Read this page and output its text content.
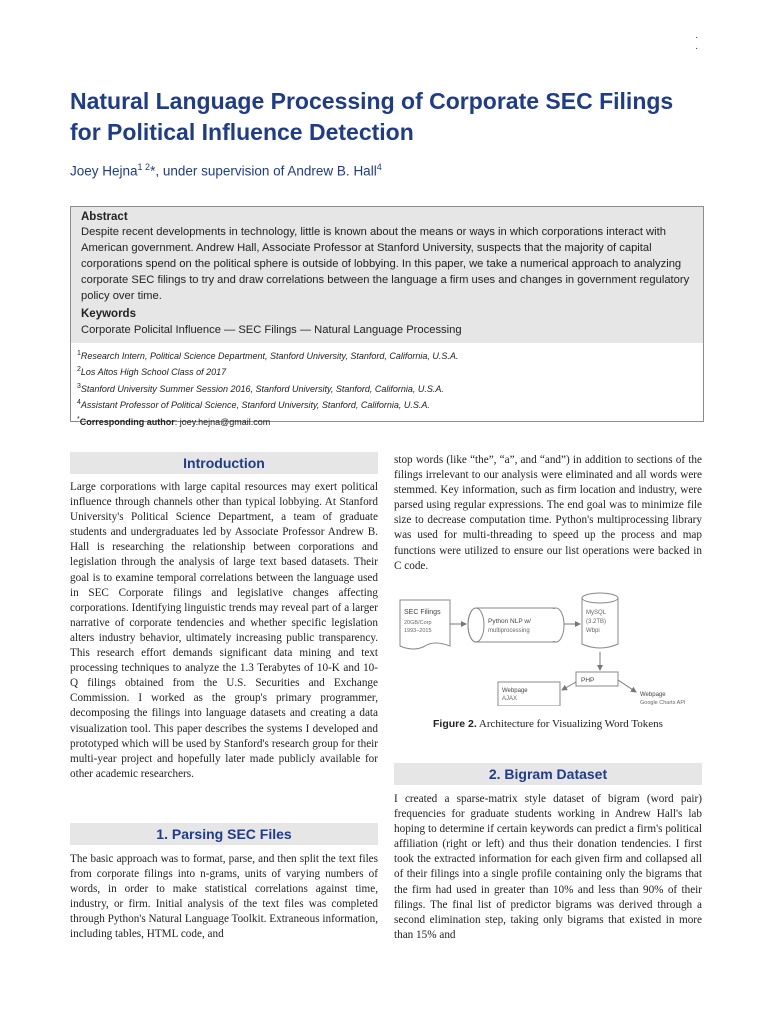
.
.
Natural Language Processing of Corporate SEC Filings for Political Influence Detection
Joey Hejna$^{1 2}$*, under supervision of Andrew B. Hall$^4$
Abstract
Despite recent developments in technology, little is known about the means or ways in which corporations interact with American government. Andrew Hall, Associate Professor at Stanford University, suspects that the majority of capital corporations spend on the political sphere is outside of lobbying. In this paper, we take a numerical approach to analyzing corporate SEC filings to try and draw correlations between the language a firm uses and changes in government regulatory policy over time.
Keywords
Corporate Policital Influence — SEC Filings — Natural Language Processing
$^1$Research Intern, Political Science Department, Stanford University, Stanford, California, U.S.A.
$^2$Los Altos High School Class of 2017
$^3$Stanford University Summer Session 2016, Stanford University, Stanford, California, U.S.A.
$^4$Assistant Professor of Political Science, Stanford University, Stanford, California, U.S.A.
*Corresponding author: joey.hejna@gmail.com
Introduction
Large corporations with large capital resources may exert political influence through channels other than typical lobbying. At Stanford University's Political Science Department, a team of graduate students and undergraduates led by Associate Professor Andrew B. Hall is researching the relationship between corporations and legislation through the analysis of large text based datasets. Their goal is to examine temporal correlations between the language used in SEC Corporate filings and legislative changes affecting corporations. Identifying linguistic trends may reveal part of a larger narrative of corporate tendencies and whether specific legislation alters industry behavior, ultimately increasing public transparency. This research effort demands significant data mining and text processing techniques to analyze the 1.3 Terabytes of 10-K and 10-Q filings obtained from the U.S. Securities and Exchange Commission. I worked as the group's primary programmer, decomposing the filings into language datasets and creating a data visualization tool. This paper describes the systems I developed and prototyped which will be used by Stanford's research group for their multi-year project and hopefully later made publicly available for other academic researchers.
1. Parsing SEC Files
The basic approach was to format, parse, and then split the text files from corporate filings into n-grams, units of varying numbers of words, in order to make statistical correlations against time, industry, or firm. Initial analysis of the text files was completed through Python's Natural Language Toolkit. Extraneous information, including tables, HTML code, and
stop words (like “the”, “a”, and “and”) in addition to sections of the filings irrelevant to our analysis were eliminated and all words were stemmed. Key information, such as firm location and industry, were parsed using regular expressions. The end goal was to minimize file size to decrease computation time. Python's multiprocessing library was used for multi-threading to speed up the process and map functions were utilized to ensure our list operations were backed in C code.
SEC Filings
20GB/Corp
1993–2015
Python NLP w/
multiprocessing
MySQL
(3.2TB)
Wbpi
PHP
Webpage
AJAX
Webpage
Google Charts API
Figure 2. Architecture for Visualizing Word Tokens
2. Bigram Dataset
I created a sparse-matrix style dataset of bigram (word pair) frequencies for graduate students working in Andrew Hall's lab hoping to determine if certain keywords can predict a firm's political affiliation (right or left) and thus their donation tendencies. I first took the extracted information for each given firm and collapsed all of their filings into a single profile containing only the bigrams that the firm had used in greater than 10% and less than 90% of their filings. The final list of predictor bigrams was derived through a second elimination step, taking only bigrams that existed in more than 15% and
